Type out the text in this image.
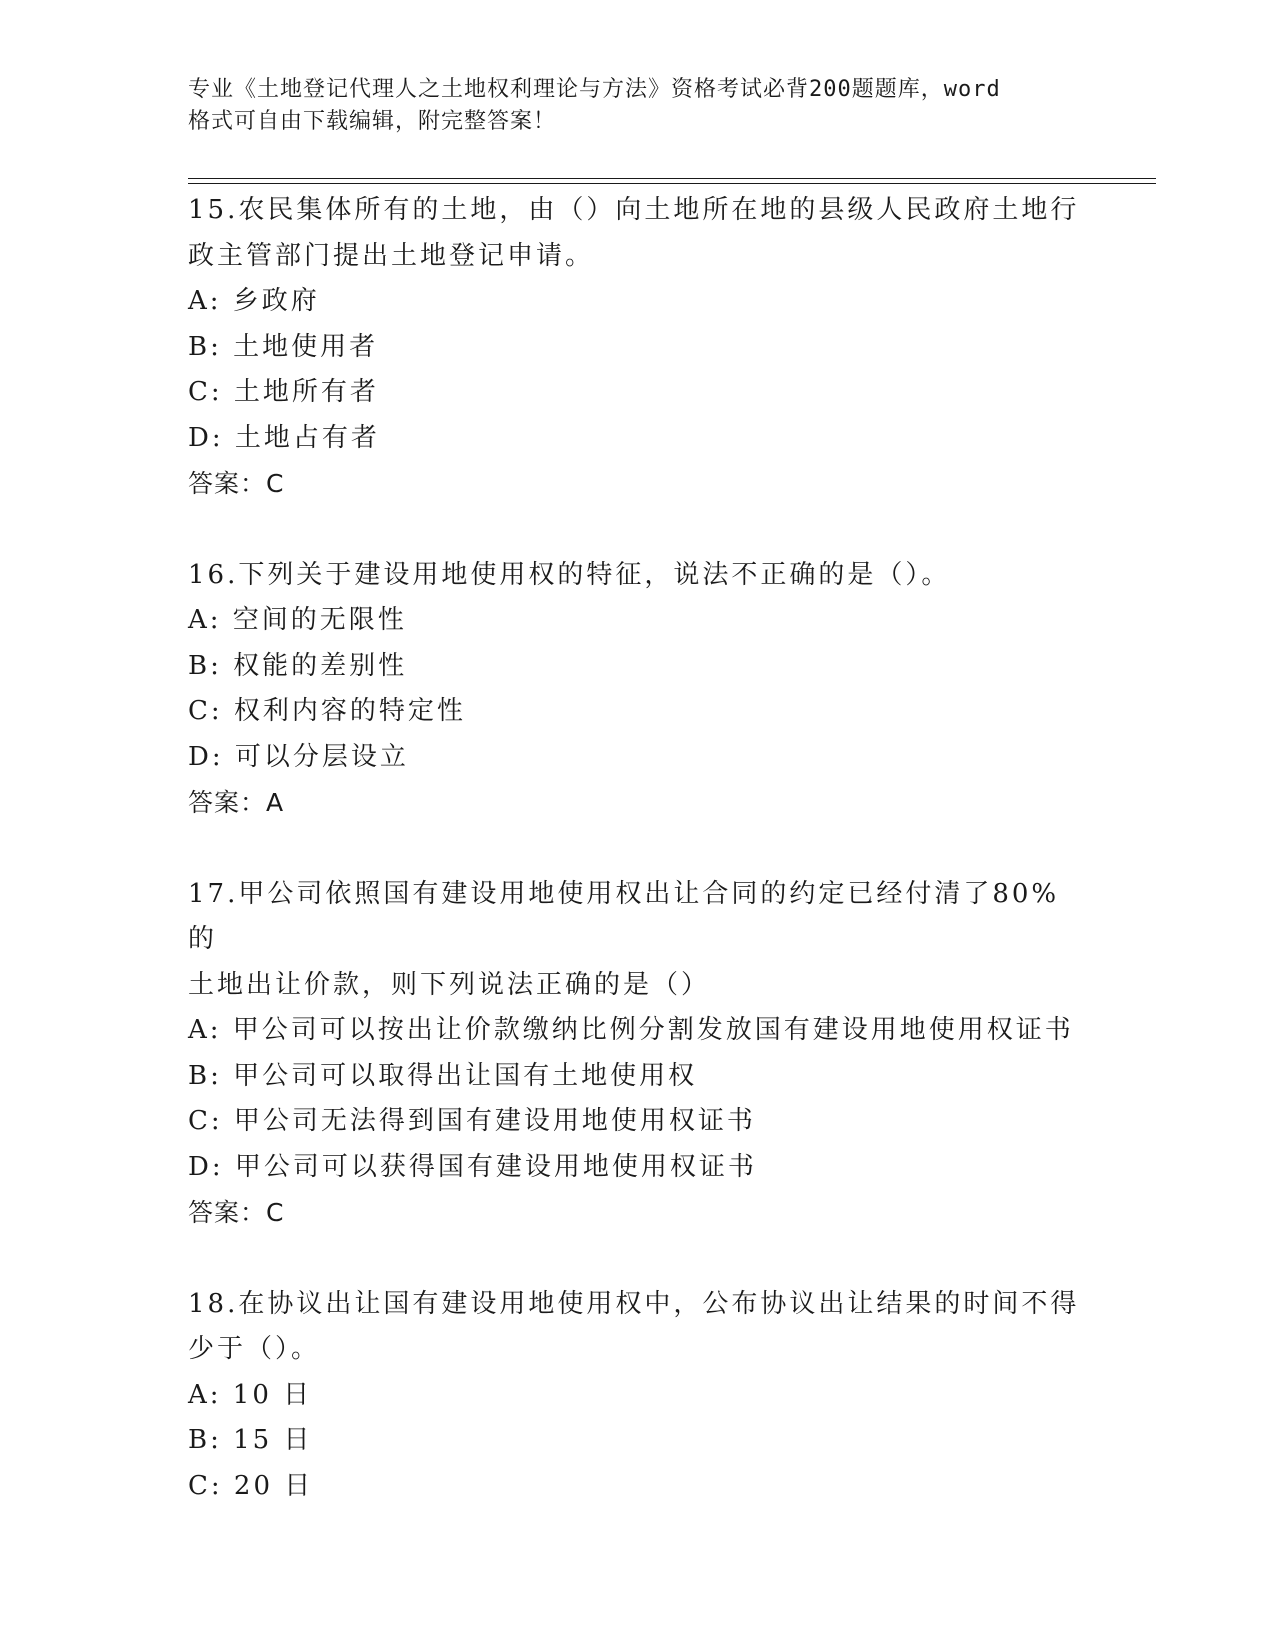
专业《土地登记代理人之土地权利理论与方法》资格考试必背200题题库，word
格式可自由下载编辑，附完整答案！
15.农民集体所有的土地，由（）向土地所在地的县级人民政府土地行
政主管部门提出土地登记申请。
A: 乡政府
B: 土地使用者
C: 土地所有者
D: 土地占有者
答案：C
16.下列关于建设用地使用权的特征，说法不正确的是（）。
A: 空间的无限性
B: 权能的差别性
C: 权利内容的特定性
D: 可以分层设立
答案：A
17.甲公司依照国有建设用地使用权出让合同的约定已经付清了80%的
土地出让价款，则下列说法正确的是（）
A: 甲公司可以按出让价款缴纳比例分割发放国有建设用地使用权证书
B: 甲公司可以取得出让国有土地使用权
C: 甲公司无法得到国有建设用地使用权证书
D: 甲公司可以获得国有建设用地使用权证书
答案：C
18.在协议出让国有建设用地使用权中，公布协议出让结果的时间不得
少于（）。
A: 10 日
B: 15 日
C: 20 日
